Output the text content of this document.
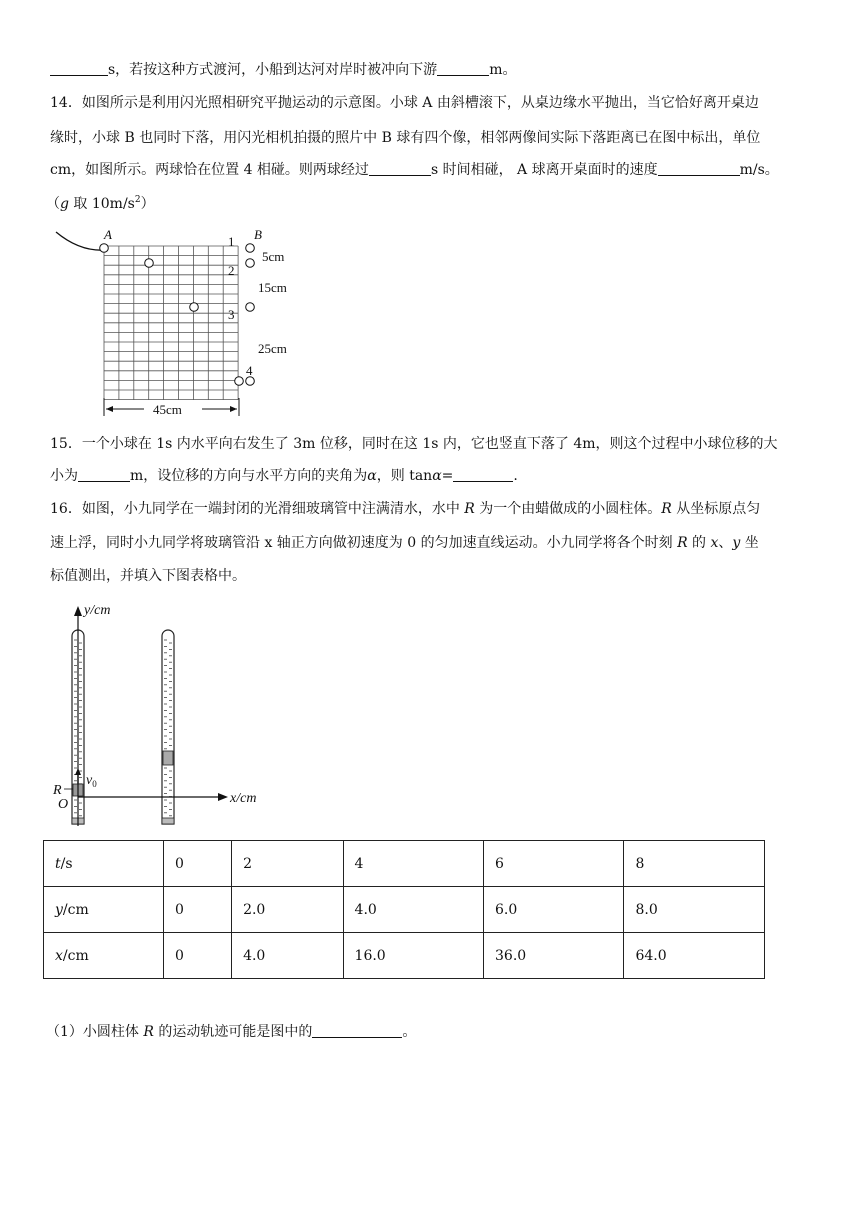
s，若按这种方式渡河，小船到达河对岸时被冲向下游	m。
14．如图所示是利用闪光照相研究平抛运动的示意图。小球 A 由斜槽滚下，从桌边缘水平抛出，当它恰好离开桌边
缘时，小球 B 也同时下落，用闪光相机拍摄的照片中 B 球有四个像，相邻两像间实际下落距离已在图中标出，单位
cm，如图所示。两球恰在位置 4 相碰。则两球经过	s 时间相碰， A 球离开桌面时的速度	m/s。
（g 取 $10m/s^2$）
A	B
1
2
3
4
5cm
15cm
25cm
45cm
15．一个小球在 1s 内水平向右发生了 3m 位移，同时在这 1s 内，它也竖直下落了 4m，则这个过程中小球位移的大
小为	m，设位移的方向与水平方向的夹角为α，则 tanα=	.
16．如图，小九同学在一端封闭的光滑细玻璃管中注满清水，水中 R 为一个由蜡做成的小圆柱体。R 从坐标原点匀
速上浮，同时小九同学将玻璃管沿 x 轴正方向做初速度为 0 的匀加速直线运动。小九同学将各个时刻 R 的 x、y 坐
标值测出，并填入下图表格中。
y/cm
x/cm
R
O
$v_0$
t/s	0	2	4	6	8
y/cm	0	2.0	4.0	6.0	8.0
x/cm	0	4.0	16.0	36.0	64.0
（1）小圆柱体 R 的运动轨迹可能是图中的	。
